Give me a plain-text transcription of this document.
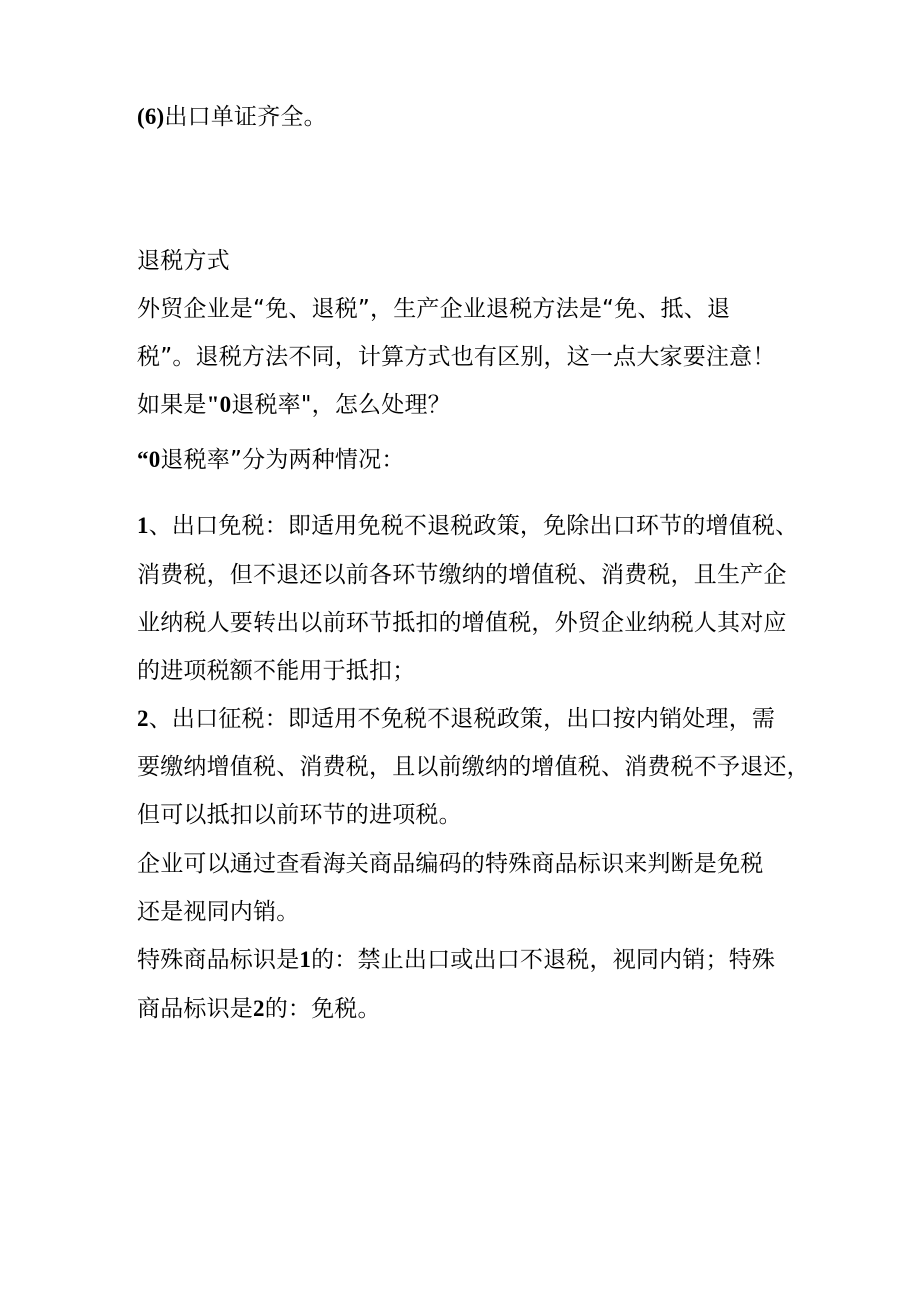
(6)出口单证齐全。
退税方式
外贸企业是“免、退税”，生产企业退税方法是“免、抵、退
税”。退税方法不同，计算方式也有区别，这一点大家要注意！
如果是"0退税率"，怎么处理？
“0退税率”分为两种情况：
1、出口免税：即适用免税不退税政策，免除出口环节的增值税、
消费税，但不退还以前各环节缴纳的增值税、消费税，且生产企
业纳税人要转出以前环节抵扣的增值税，外贸企业纳税人其对应
的进项税额不能用于抵扣；
2、出口征税：即适用不免税不退税政策，出口按内销处理，需
要缴纳增值税、消费税，且以前缴纳的增值税、消费税不予退还，
但可以抵扣以前环节的进项税。
企业可以通过查看海关商品编码的特殊商品标识来判断是免税
还是视同内销。
特殊商品标识是1的：禁止出口或出口不退税，视同内销；特殊
商品标识是2的：免税。
